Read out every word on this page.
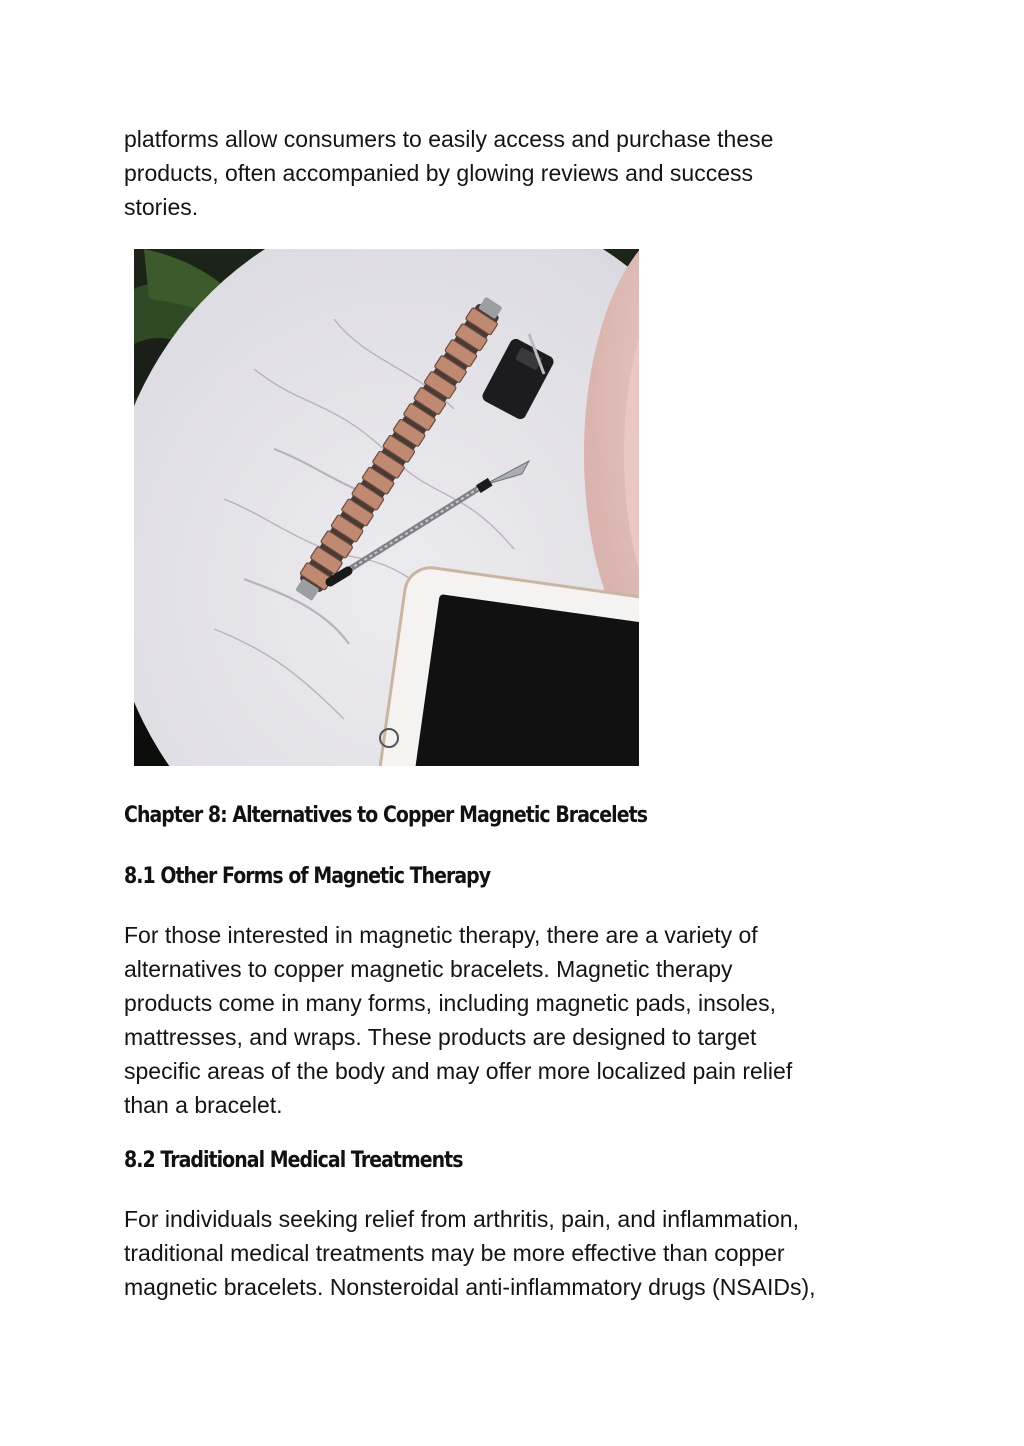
platforms allow consumers to easily access and purchase these
products, often accompanied by glowing reviews and success
stories.

Chapter 8: Alternatives to Copper Magnetic Bracelets
8.1 Other Forms of Magnetic Therapy

For those interested in magnetic therapy, there are a variety of
alternatives to copper magnetic bracelets. Magnetic therapy
products come in many forms, including magnetic pads, insoles,
mattresses, and wraps. These products are designed to target
specific areas of the body and may offer more localized pain relief
than a bracelet.

8.2 Traditional Medical Treatments

For individuals seeking relief from arthritis, pain, and inflammation,
traditional medical treatments may be more effective than copper
magnetic bracelets. Nonsteroidal anti-inflammatory drugs (NSAIDs),
